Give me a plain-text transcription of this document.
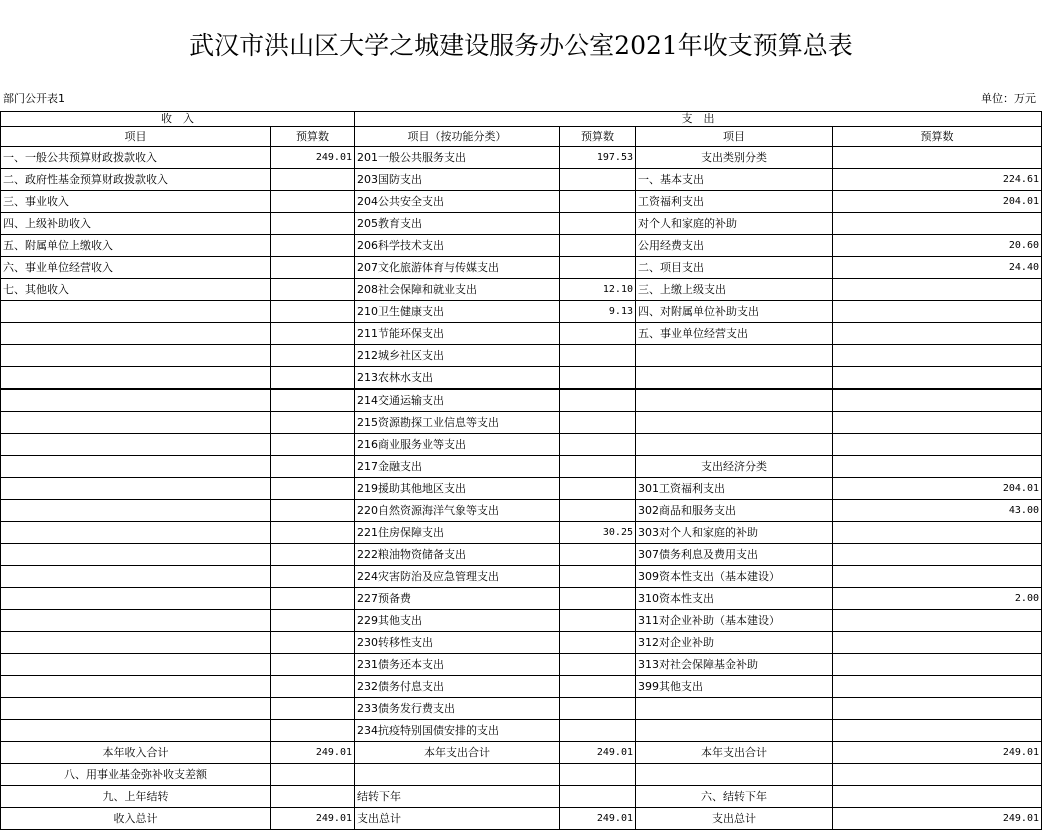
武汉市洪山区大学之城建设服务办公室2021年收支预算总表
部门公开表1	单位：万元
收　入		支　出			
项目	预算数	项目（按功能分类）	预算数	项目	预算数
一、一般公共预算财政拨款收入	249.01	201一般公共服务支出	197.53	支出类别分类	
二、政府性基金预算财政拨款收入		203国防支出		一、基本支出	224.61
三、事业收入		204公共安全支出		工资福利支出	204.01
四、上级补助收入		205教育支出		对个人和家庭的补助	
五、附属单位上缴收入		206科学技术支出		公用经费支出	20.60
六、事业单位经营收入		207文化旅游体育与传媒支出		二、项目支出	24.40
七、其他收入		208社会保障和就业支出	12.10	三、上缴上级支出	
		210卫生健康支出	9.13	四、对附属单位补助支出	
		211节能环保支出		五、事业单位经营支出	
		212城乡社区支出			
		213农林水支出			
		214交通运输支出			
		215资源勘探工业信息等支出			
		216商业服务业等支出			
		217金融支出		支出经济分类	
		219援助其他地区支出		301工资福利支出	204.01
		220自然资源海洋气象等支出		302商品和服务支出	43.00
		221住房保障支出	30.25	303对个人和家庭的补助	
		222粮油物资储备支出		307债务利息及费用支出	
		224灾害防治及应急管理支出		309资本性支出（基本建设）	
		227预备费		310资本性支出	2.00
		229其他支出		311对企业补助（基本建设）	
		230转移性支出		312对企业补助	
		231债务还本支出		313对社会保障基金补助	
		232债务付息支出		399其他支出	
		233债务发行费支出			
		234抗疫特别国债安排的支出			
本年收入合计	249.01	本年支出合计	249.01	本年支出合计	249.01
八、用事业基金弥补收支差额					
九、上年结转		结转下年		六、结转下年	
收入总计	249.01	支出总计	249.01	支出总计	249.01
